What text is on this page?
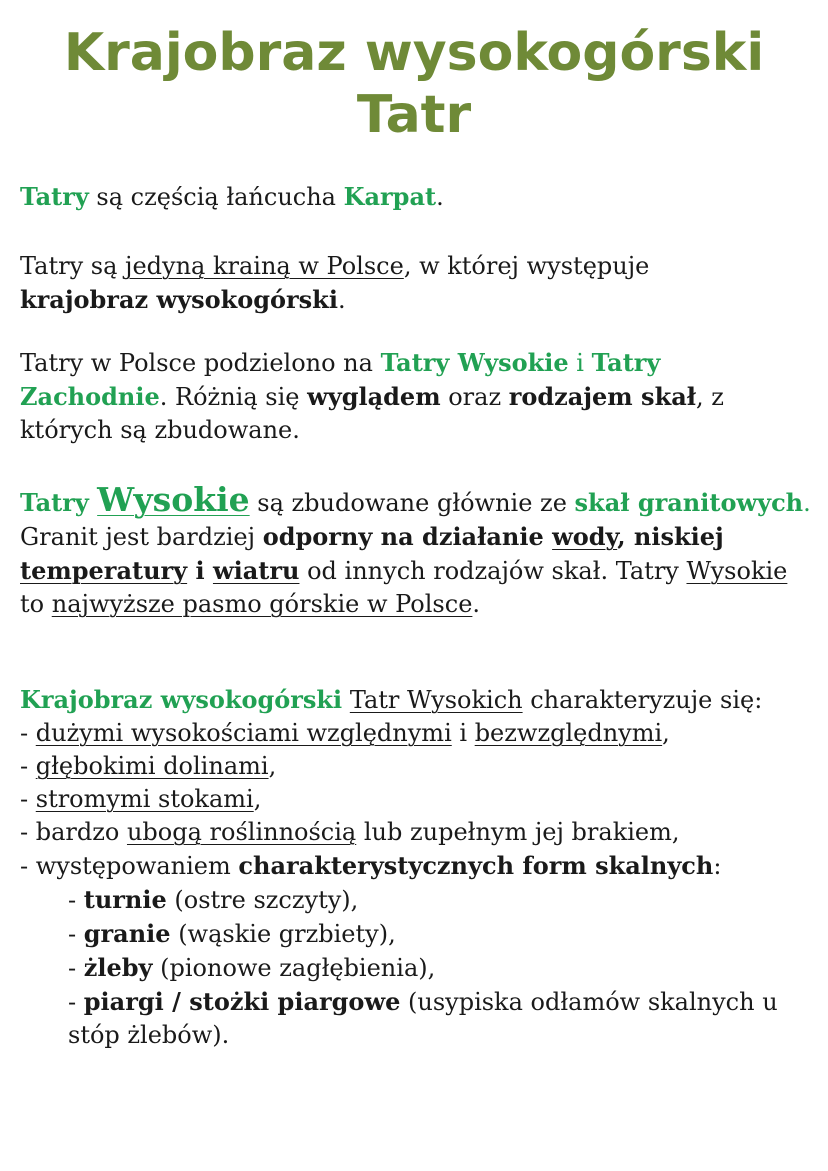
Krajobraz wysokogórski
Tatr

Tatry są częścią łańcucha Karpat.

Tatry są jedyną krainą w Polsce, w której występuje
krajobraz wysokogórski.

Tatry w Polsce podzielono na Tatry Wysokie i Tatry Zachodnie. Różnią się wyglądem oraz rodzajem skał, z których są zbudowane.

Tatry Wysokie są zbudowane głównie ze skał granitowych.
Granit jest bardziej odporny na działanie wody, niskiej temperatury i wiatru od innych rodzajów skał. Tatry Wysokie to najwyższe pasmo górskie w Polsce.

Krajobraz wysokogórski Tatr Wysokich charakteryzuje się:
- dużymi wysokościami względnymi i bezwzględnymi,
- głębokimi dolinami,
- stromymi stokami,
- bardzo ubogą roślinnością lub zupełnym jej brakiem,
- występowaniem charakterystycznych form skalnych:
- turnie (ostre szczyty),
- granie (wąskie grzbiety),
- żleby (pionowe zagłębienia),
- piargi / stożki piargowe (usypiska odłamów skalnych u stóp żlebów).
